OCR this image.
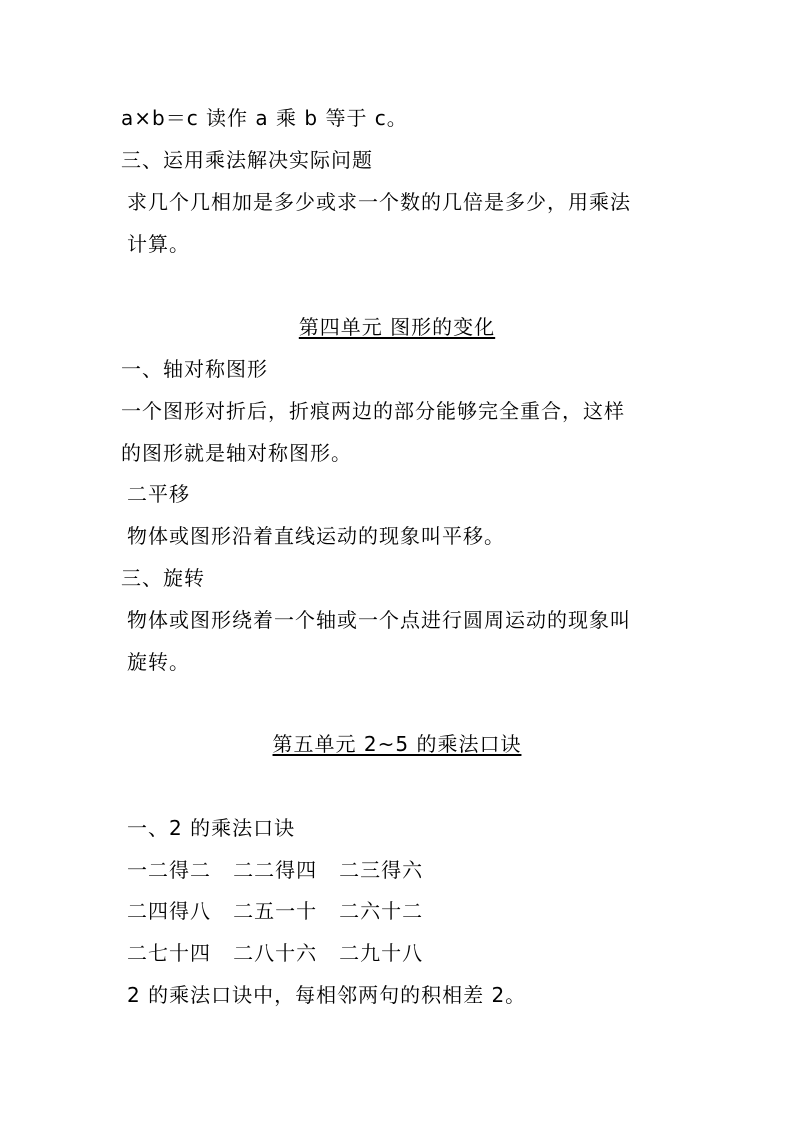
a×b＝c 读作 a 乘 b 等于 c。
三、运用乘法解决实际问题
求几个几相加是多少或求一个数的几倍是多少，用乘法
计算。
第四单元 图形的变化
一、轴对称图形
一个图形对折后，折痕两边的部分能够完全重合，这样
的图形就是轴对称图形。
二平移
物体或图形沿着直线运动的现象叫平移。
三、旋转
物体或图形绕着一个轴或一个点进行圆周运动的现象叫
旋转。
第五单元 2~5 的乘法口诀
一、2 的乘法口诀
一二得二   二二得四   二三得六
二四得八   二五一十   二六十二
二七十四   二八十六   二九十八
2 的乘法口诀中，每相邻两句的积相差 2。
